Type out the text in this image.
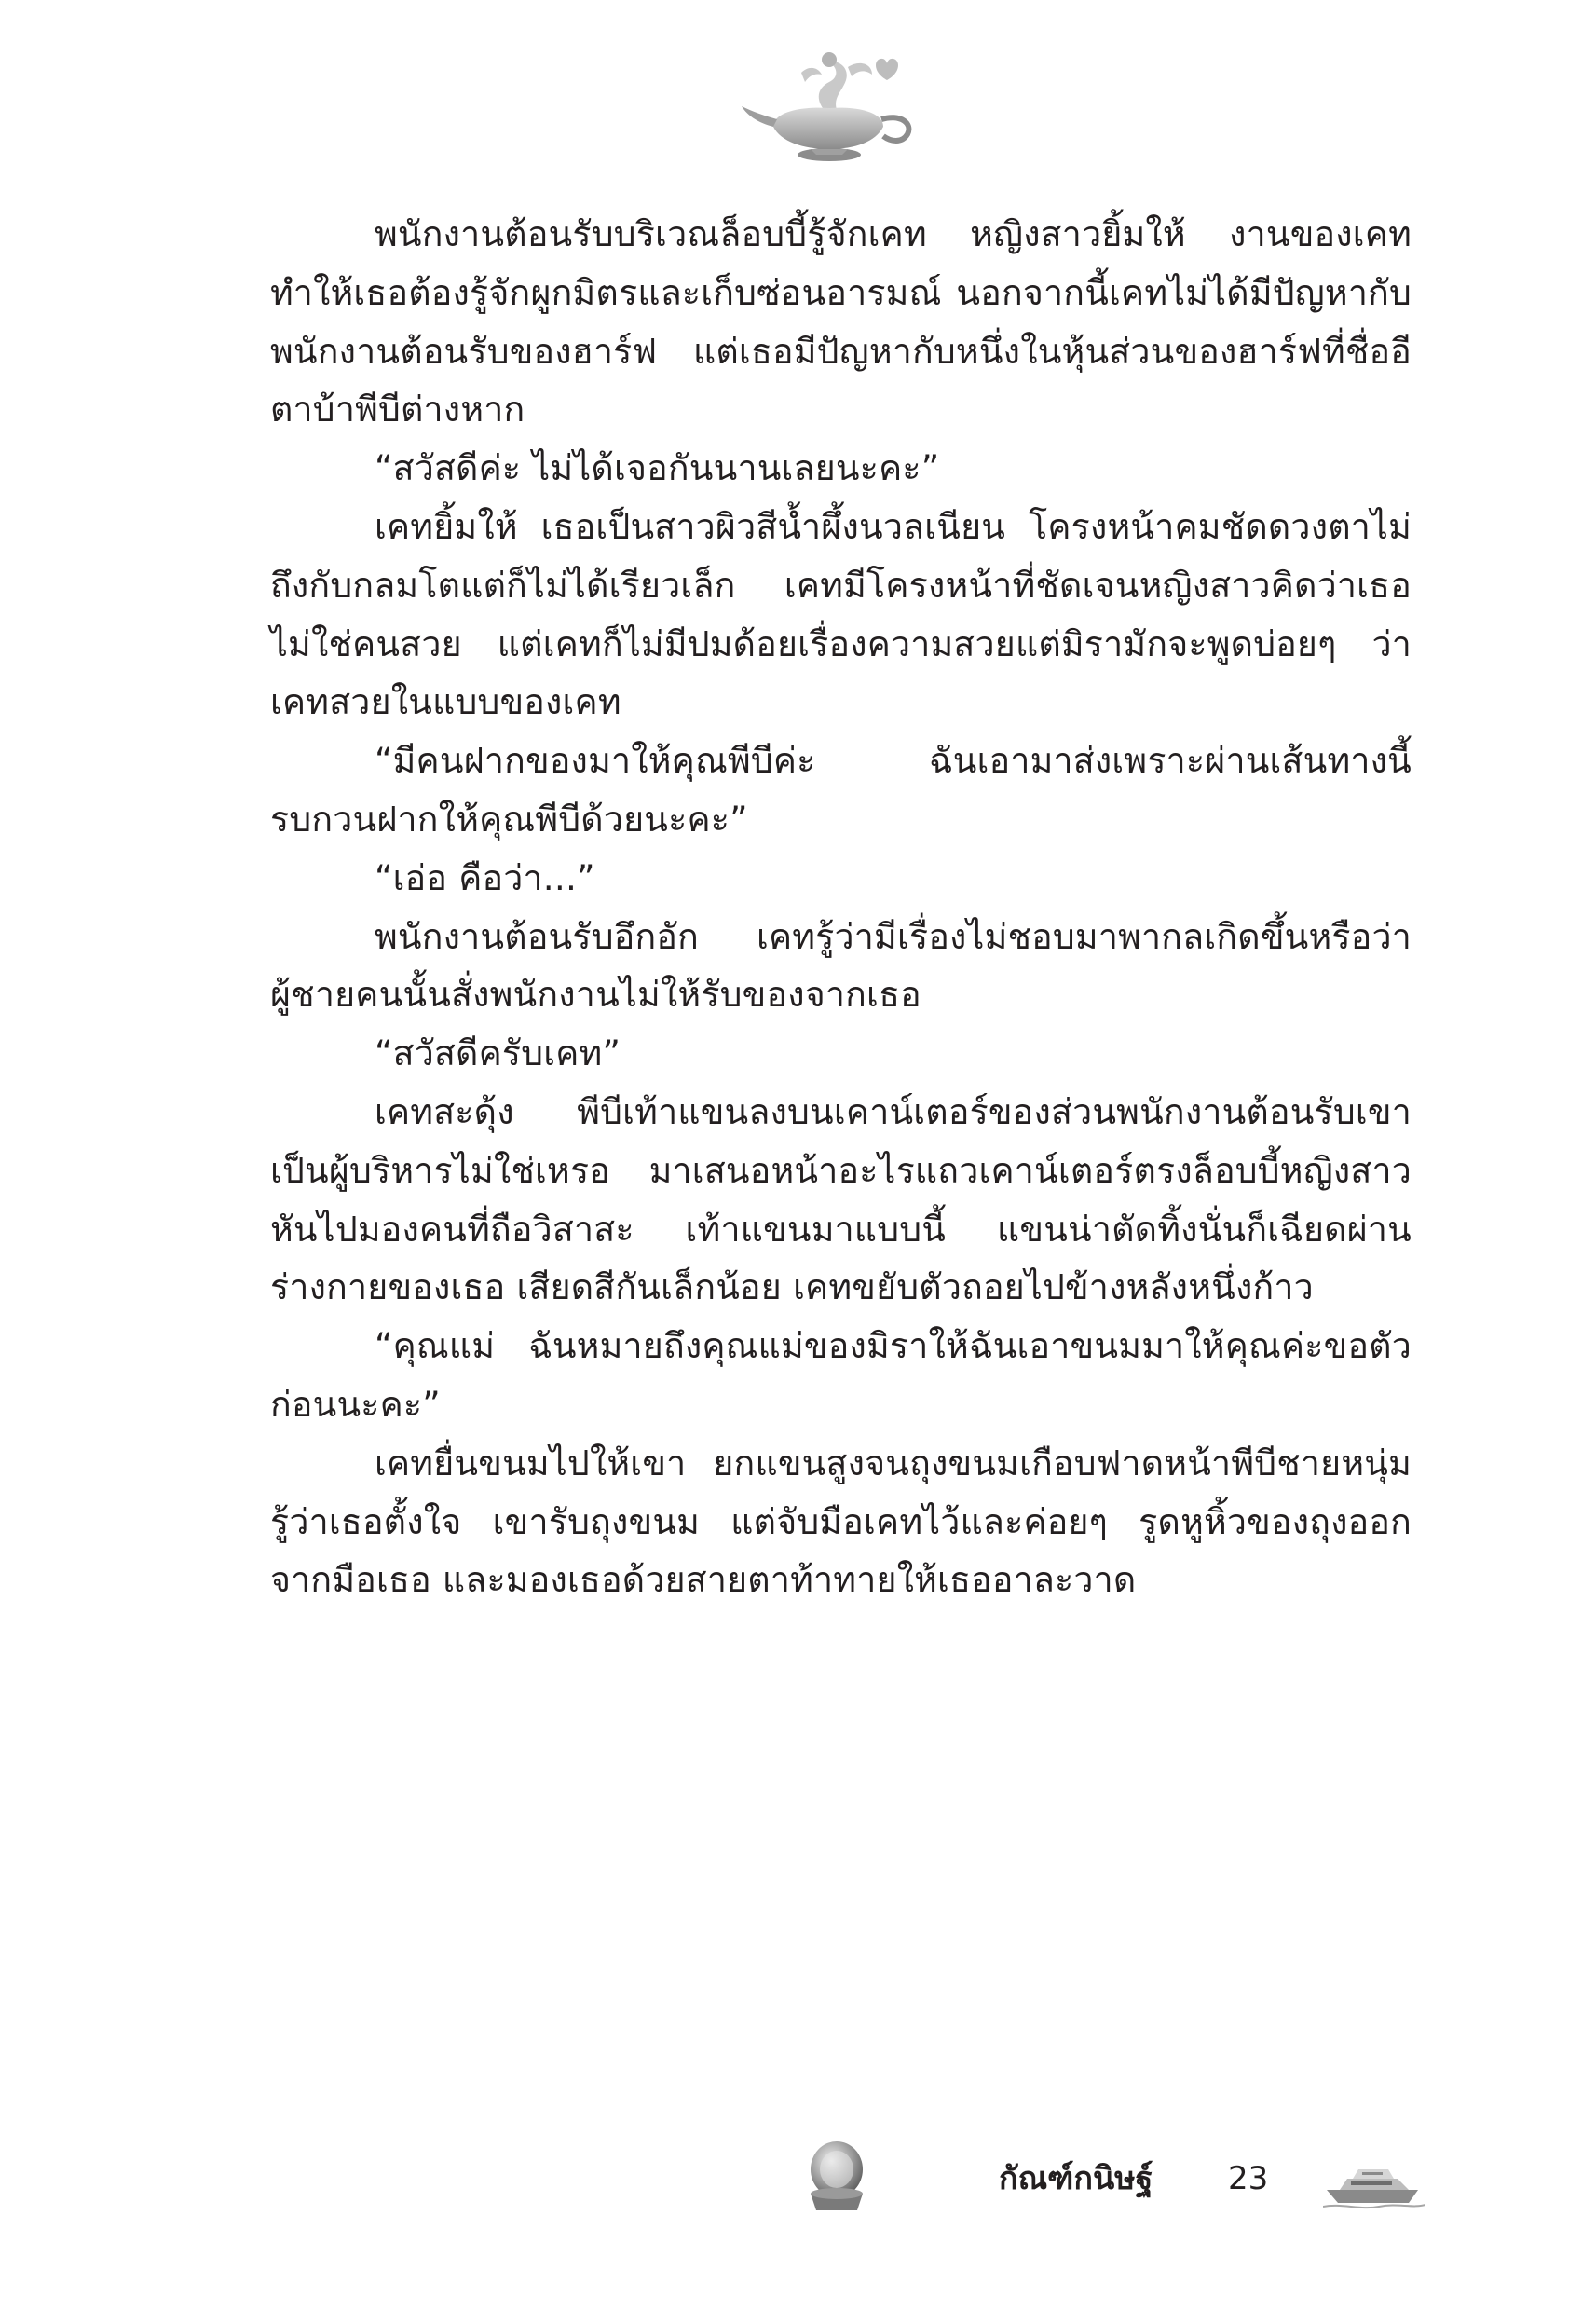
พนักงานต้อนรับบริเวณล็อบบี้รู้จักเคท หญิงสาวยิ้มให้ งานของเคททำให้เธอต้องรู้จักผูกมิตรและเก็บซ่อนอารมณ์ นอกจากนี้เคทไม่ได้มีปัญหากับพนักงานต้อนรับของฮาร์ฟ แต่เธอมีปัญหากับหนึ่งในหุ้นส่วนของฮาร์ฟที่ชื่ออีตาบ้าพีบีต่างหาก

“สวัสดีค่ะ ไม่ได้เจอกันนานเลยนะคะ”

เคทยิ้มให้ เธอเป็นสาวผิวสีน้ำผึ้งนวลเนียน โครงหน้าคมชัดดวงตาไม่ถึงกับกลมโตแต่ก็ไม่ได้เรียวเล็ก เคทมีโครงหน้าที่ชัดเจนหญิงสาวคิดว่าเธอไม่ใช่คนสวย แต่เคทก็ไม่มีปมด้อยเรื่องความสวยแต่มิรามักจะพูดบ่อยๆ ว่าเคทสวยในแบบของเคท

“มีคนฝากของมาให้คุณพีบีค่ะ ฉันเอามาส่งเพราะผ่านเส้นทางนี้รบกวนฝากให้คุณพีบีด้วยนะคะ”

“เอ่อ คือว่า...”

พนักงานต้อนรับอึกอัก เคทรู้ว่ามีเรื่องไม่ชอบมาพากลเกิดขึ้นหรือว่าผู้ชายคนนั้นสั่งพนักงานไม่ให้รับของจากเธอ

“สวัสดีครับเคท”

เคทสะดุ้ง พีบีเท้าแขนลงบนเคาน์เตอร์ของส่วนพนักงานต้อนรับเขาเป็นผู้บริหารไม่ใช่เหรอ มาเสนอหน้าอะไรแถวเคาน์เตอร์ตรงล็อบบี้หญิงสาวหันไปมองคนที่ถือวิสาสะ เท้าแขนมาแบบนี้ แขนน่าตัดทิ้งนั่นก็เฉียดผ่านร่างกายของเธอ เสียดสีกันเล็กน้อย เคทขยับตัวถอยไปข้างหลังหนึ่งก้าว

“คุณแม่ ฉันหมายถึงคุณแม่ของมิราให้ฉันเอาขนมมาให้คุณค่ะขอตัวก่อนนะคะ”

เคทยื่นขนมไปให้เขา ยกแขนสูงจนถุงขนมเกือบฟาดหน้าพีบีชายหนุ่มรู้ว่าเธอตั้งใจ เขารับถุงขนม แต่จับมือเคทไว้และค่อยๆ รูดหูหิ้วของถุงออกจากมือเธอ และมองเธอด้วยสายตาท้าทายให้เธออาละวาด

กัณฑ์กนิษฐ์ 23
